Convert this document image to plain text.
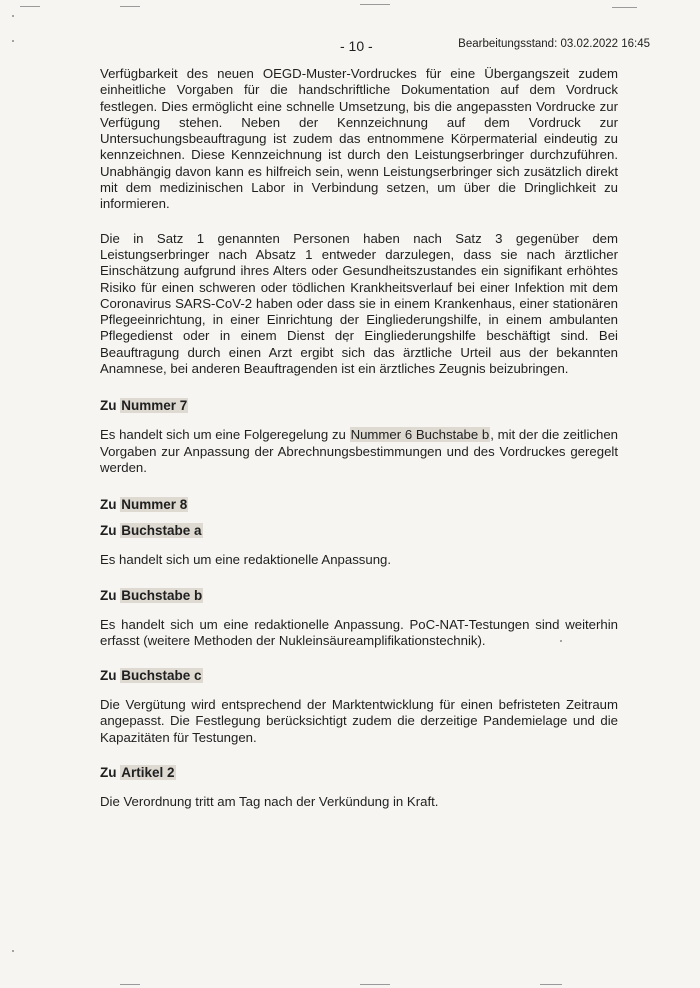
- 10 -	Bearbeitungsstand: 03.02.2022 16:45

Verfügbarkeit des neuen OEGD-Muster-Vordruckes für eine Übergangszeit zudem einheitliche Vorgaben für die handschriftliche Dokumentation auf dem Vordruck festlegen. Dies ermöglicht eine schnelle Umsetzung, bis die angepassten Vordrucke zur Verfügung stehen. Neben der Kennzeichnung auf dem Vordruck zur Untersuchungsbeauftragung ist zudem das entnommene Körpermaterial eindeutig zu kennzeichnen. Diese Kennzeichnung ist durch den Leistungserbringer durchzuführen. Unabhängig davon kann es hilfreich sein, wenn Leistungserbringer sich zusätzlich direkt mit dem medizinischen Labor in Verbindung setzen, um über die Dringlichkeit zu informieren.

Die in Satz 1 genannten Personen haben nach Satz 3 gegenüber dem Leistungserbringer nach Absatz 1 entweder darzulegen, dass sie nach ärztlicher Einschätzung aufgrund ihres Alters oder Gesundheitszustandes ein signifikant erhöhtes Risiko für einen schweren oder tödlichen Krankheitsverlauf bei einer Infektion mit dem Coronavirus SARS-CoV-2 haben oder dass sie in einem Krankenhaus, einer stationären Pflegeeinrichtung, in einer Einrichtung der Eingliederungshilfe, in einem ambulanten Pflegedienst oder in einem Dienst der Eingliederungshilfe beschäftigt sind. Bei Beauftragung durch einen Arzt ergibt sich das ärztliche Urteil aus der bekannten Anamnese, bei anderen Beauftragenden ist ein ärztliches Zeugnis beizubringen.

Zu Nummer 7

Es handelt sich um eine Folgeregelung zu Nummer 6 Buchstabe b, mit der die zeitlichen Vorgaben zur Anpassung der Abrechnungsbestimmungen und des Vordruckes geregelt werden.

Zu Nummer 8
Zu Buchstabe a

Es handelt sich um eine redaktionelle Anpassung.

Zu Buchstabe b

Es handelt sich um eine redaktionelle Anpassung. PoC-NAT-Testungen sind weiterhin erfasst (weitere Methoden der Nukleinsäureamplifikationstechnik).

Zu Buchstabe c

Die Vergütung wird entsprechend der Marktentwicklung für einen befristeten Zeitraum angepasst. Die Festlegung berücksichtigt zudem die derzeitige Pandemielage und die Kapazitäten für Testungen.

Zu Artikel 2

Die Verordnung tritt am Tag nach der Verkündung in Kraft.
